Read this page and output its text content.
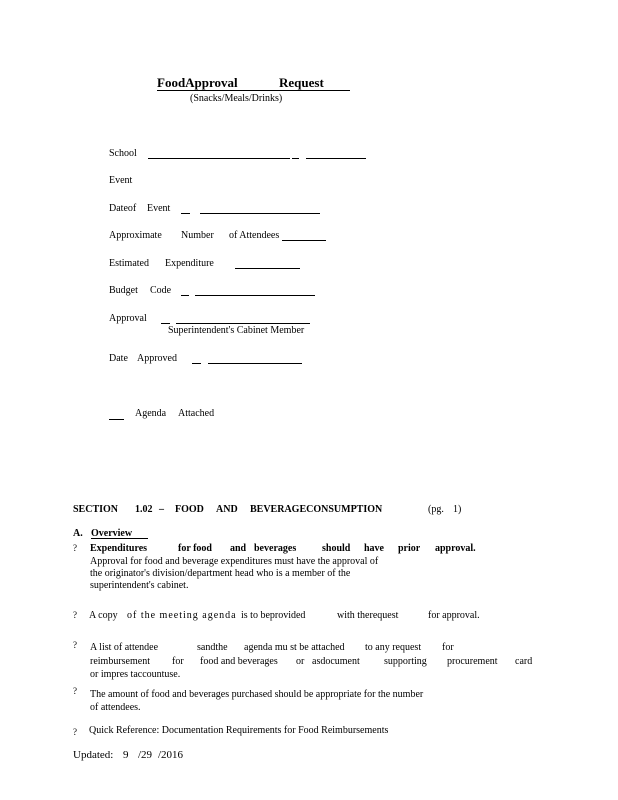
FoodApproval	Request
(Snacks/Meals/Drinks)
School
Event
Dateof Event
Approximate Number of Attendees
Estimated Expenditure
Budget Code
Approval
Superintendent's Cabinet Member
Date Approved
Agenda Attached
SECTION 1.02 – FOOD AND BEVERAGECONSUMPTION	(pg. 1)
A. Overview
? Expenditures	for food and beverages	should have prior approval.
Approval for food and beverage expenditures must have the approval of the originator's division/department head who is a member of the superintendent's cabinet.
? A copy of the meeting agenda is to beprovided	with therequest	for approval.
? A list of attendee	sandthe agenda mu st be attached to any request for
reimbursement for food and beverages or asdocument supporting procurement card
or impres taccountuse.
? The amount of food and beverages purchased should be appropriate for the number of attendees.
? Quick Reference: Documentation Requirements for Food Reimbursements
Updated: 9 /29 /2016
